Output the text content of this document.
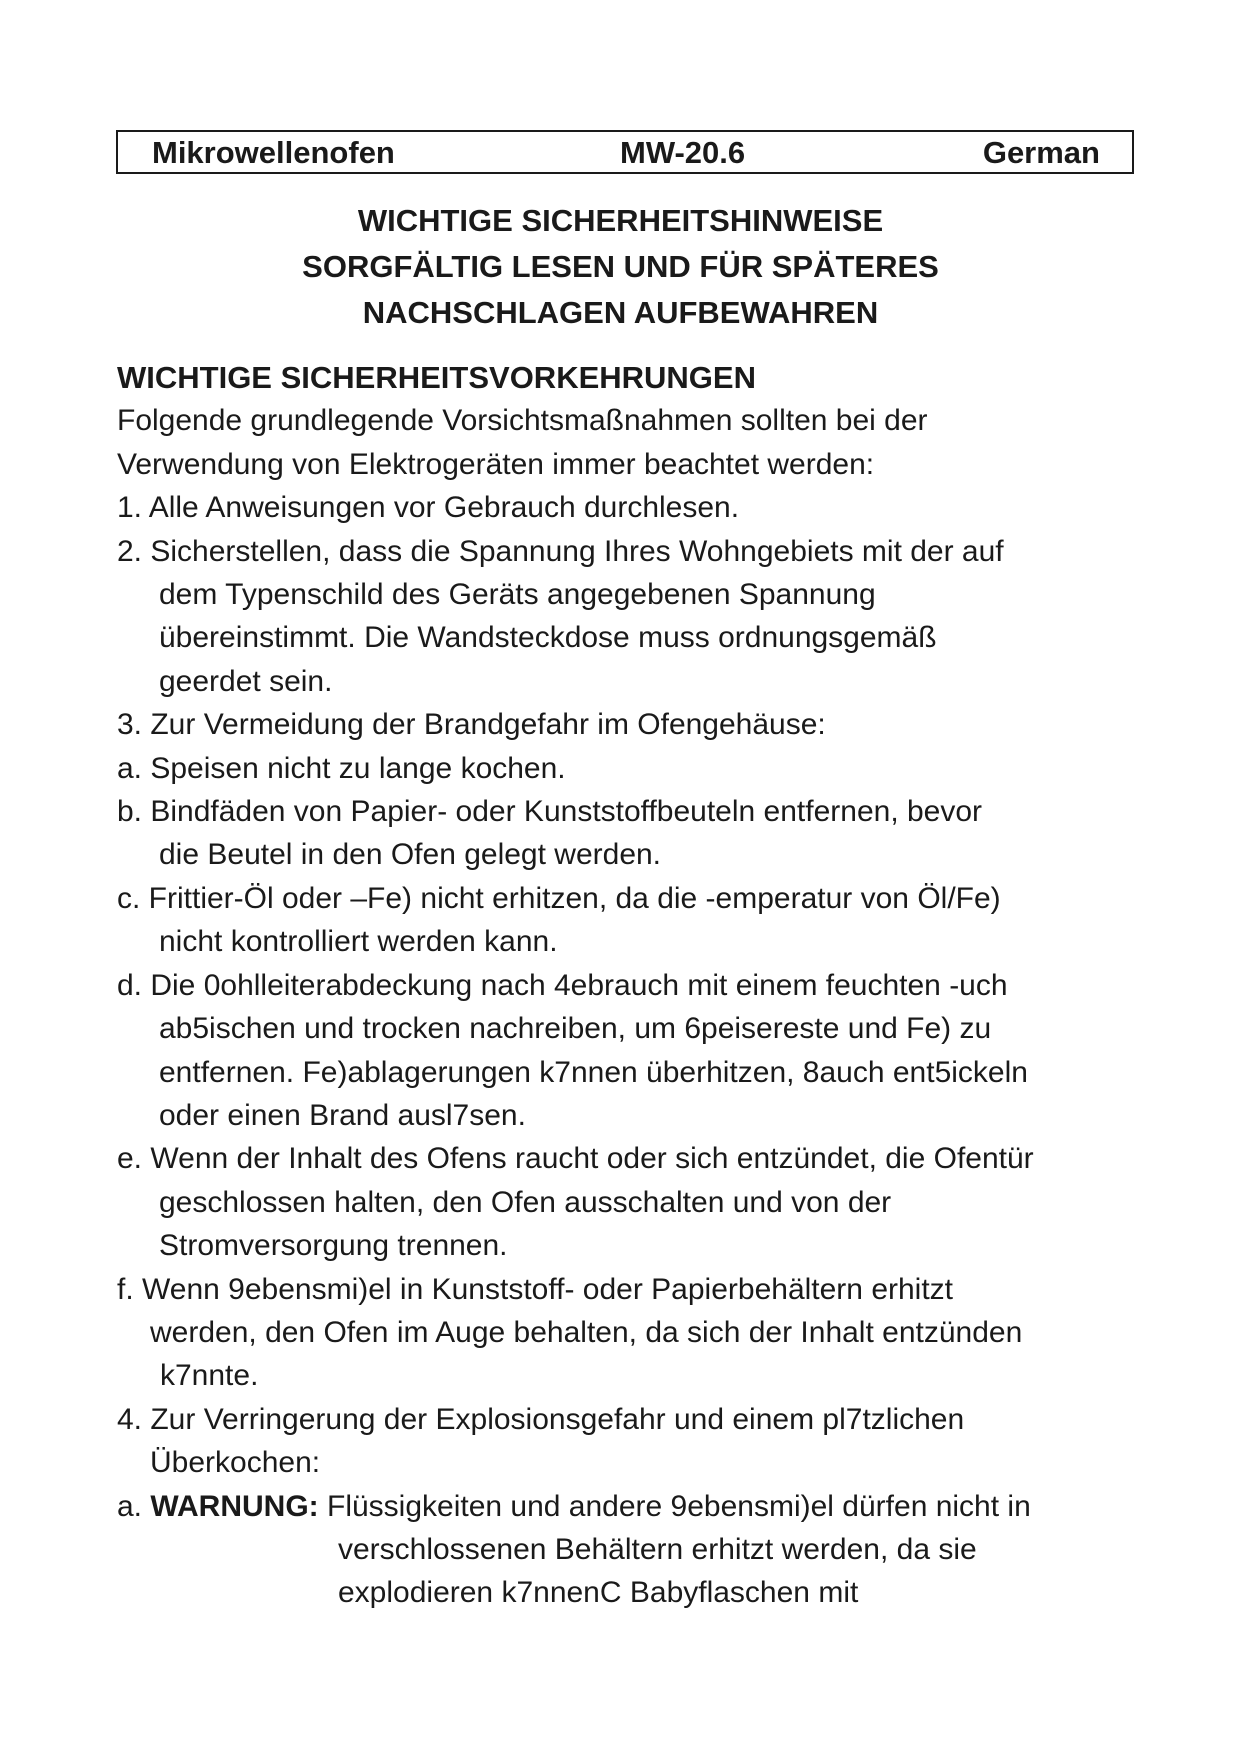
Mikrowellenofen	MW-20.6	German
WICHTIGE SICHERHEITSHINWEISE
SORGFÄLTIG LESEN UND FÜR SPÄTERES
NACHSCHLAGEN AUFBEWAHREN
WICHTIGE SICHERHEITSVORKEHRUNGEN
Folgende grundlegende Vorsichtsmaßnahmen sollten bei der
Verwendung von Elektrogeräten immer beachtet werden:
1. Alle Anweisungen vor Gebrauch durchlesen.
2. Sicherstellen, dass die Spannung Ihres Wohngebiets mit der auf
dem Typenschild des Geräts angegebenen Spannung
übereinstimmt. Die Wandsteckdose muss ordnungsgemäß
geerdet sein.
3. Zur Vermeidung der Brandgefahr im Ofengehäuse:
a. Speisen nicht zu lange kochen.
b. Bindfäden von Papier- oder Kunststoffbeuteln entfernen, bevor
die Beutel in den Ofen gelegt werden.
c. Frittier-Öl oder –Fe) nicht erhitzen, da die -emperatur von Öl/Fe)
nicht kontrolliert werden kann.
d. Die 0ohlleiterabdeckung nach 4ebrauch mit einem feuchten -uch
ab5ischen und trocken nachreiben, um 6peisereste und Fe) zu
entfernen. Fe)ablagerungen k7nnen überhitzen, 8auch ent5ickeln
oder einen Brand ausl7sen.
e. Wenn der Inhalt des Ofens raucht oder sich entzündet, die Ofentür
geschlossen halten, den Ofen ausschalten und von der
Stromversorgung trennen.
f. Wenn 9ebensmi)el in Kunststoff- oder Papierbehältern erhitzt
werden, den Ofen im Auge behalten, da sich der Inhalt entzünden
k7nnte.
4. Zur Verringerung der Explosionsgefahr und einem pl7tzlichen
Überkochen:
a. WARNUNG: Flüssigkeiten und andere 9ebensmi)el dürfen nicht in
verschlossenen Behältern erhitzt werden, da sie
explodieren k7nnenC Babyflaschen mit
